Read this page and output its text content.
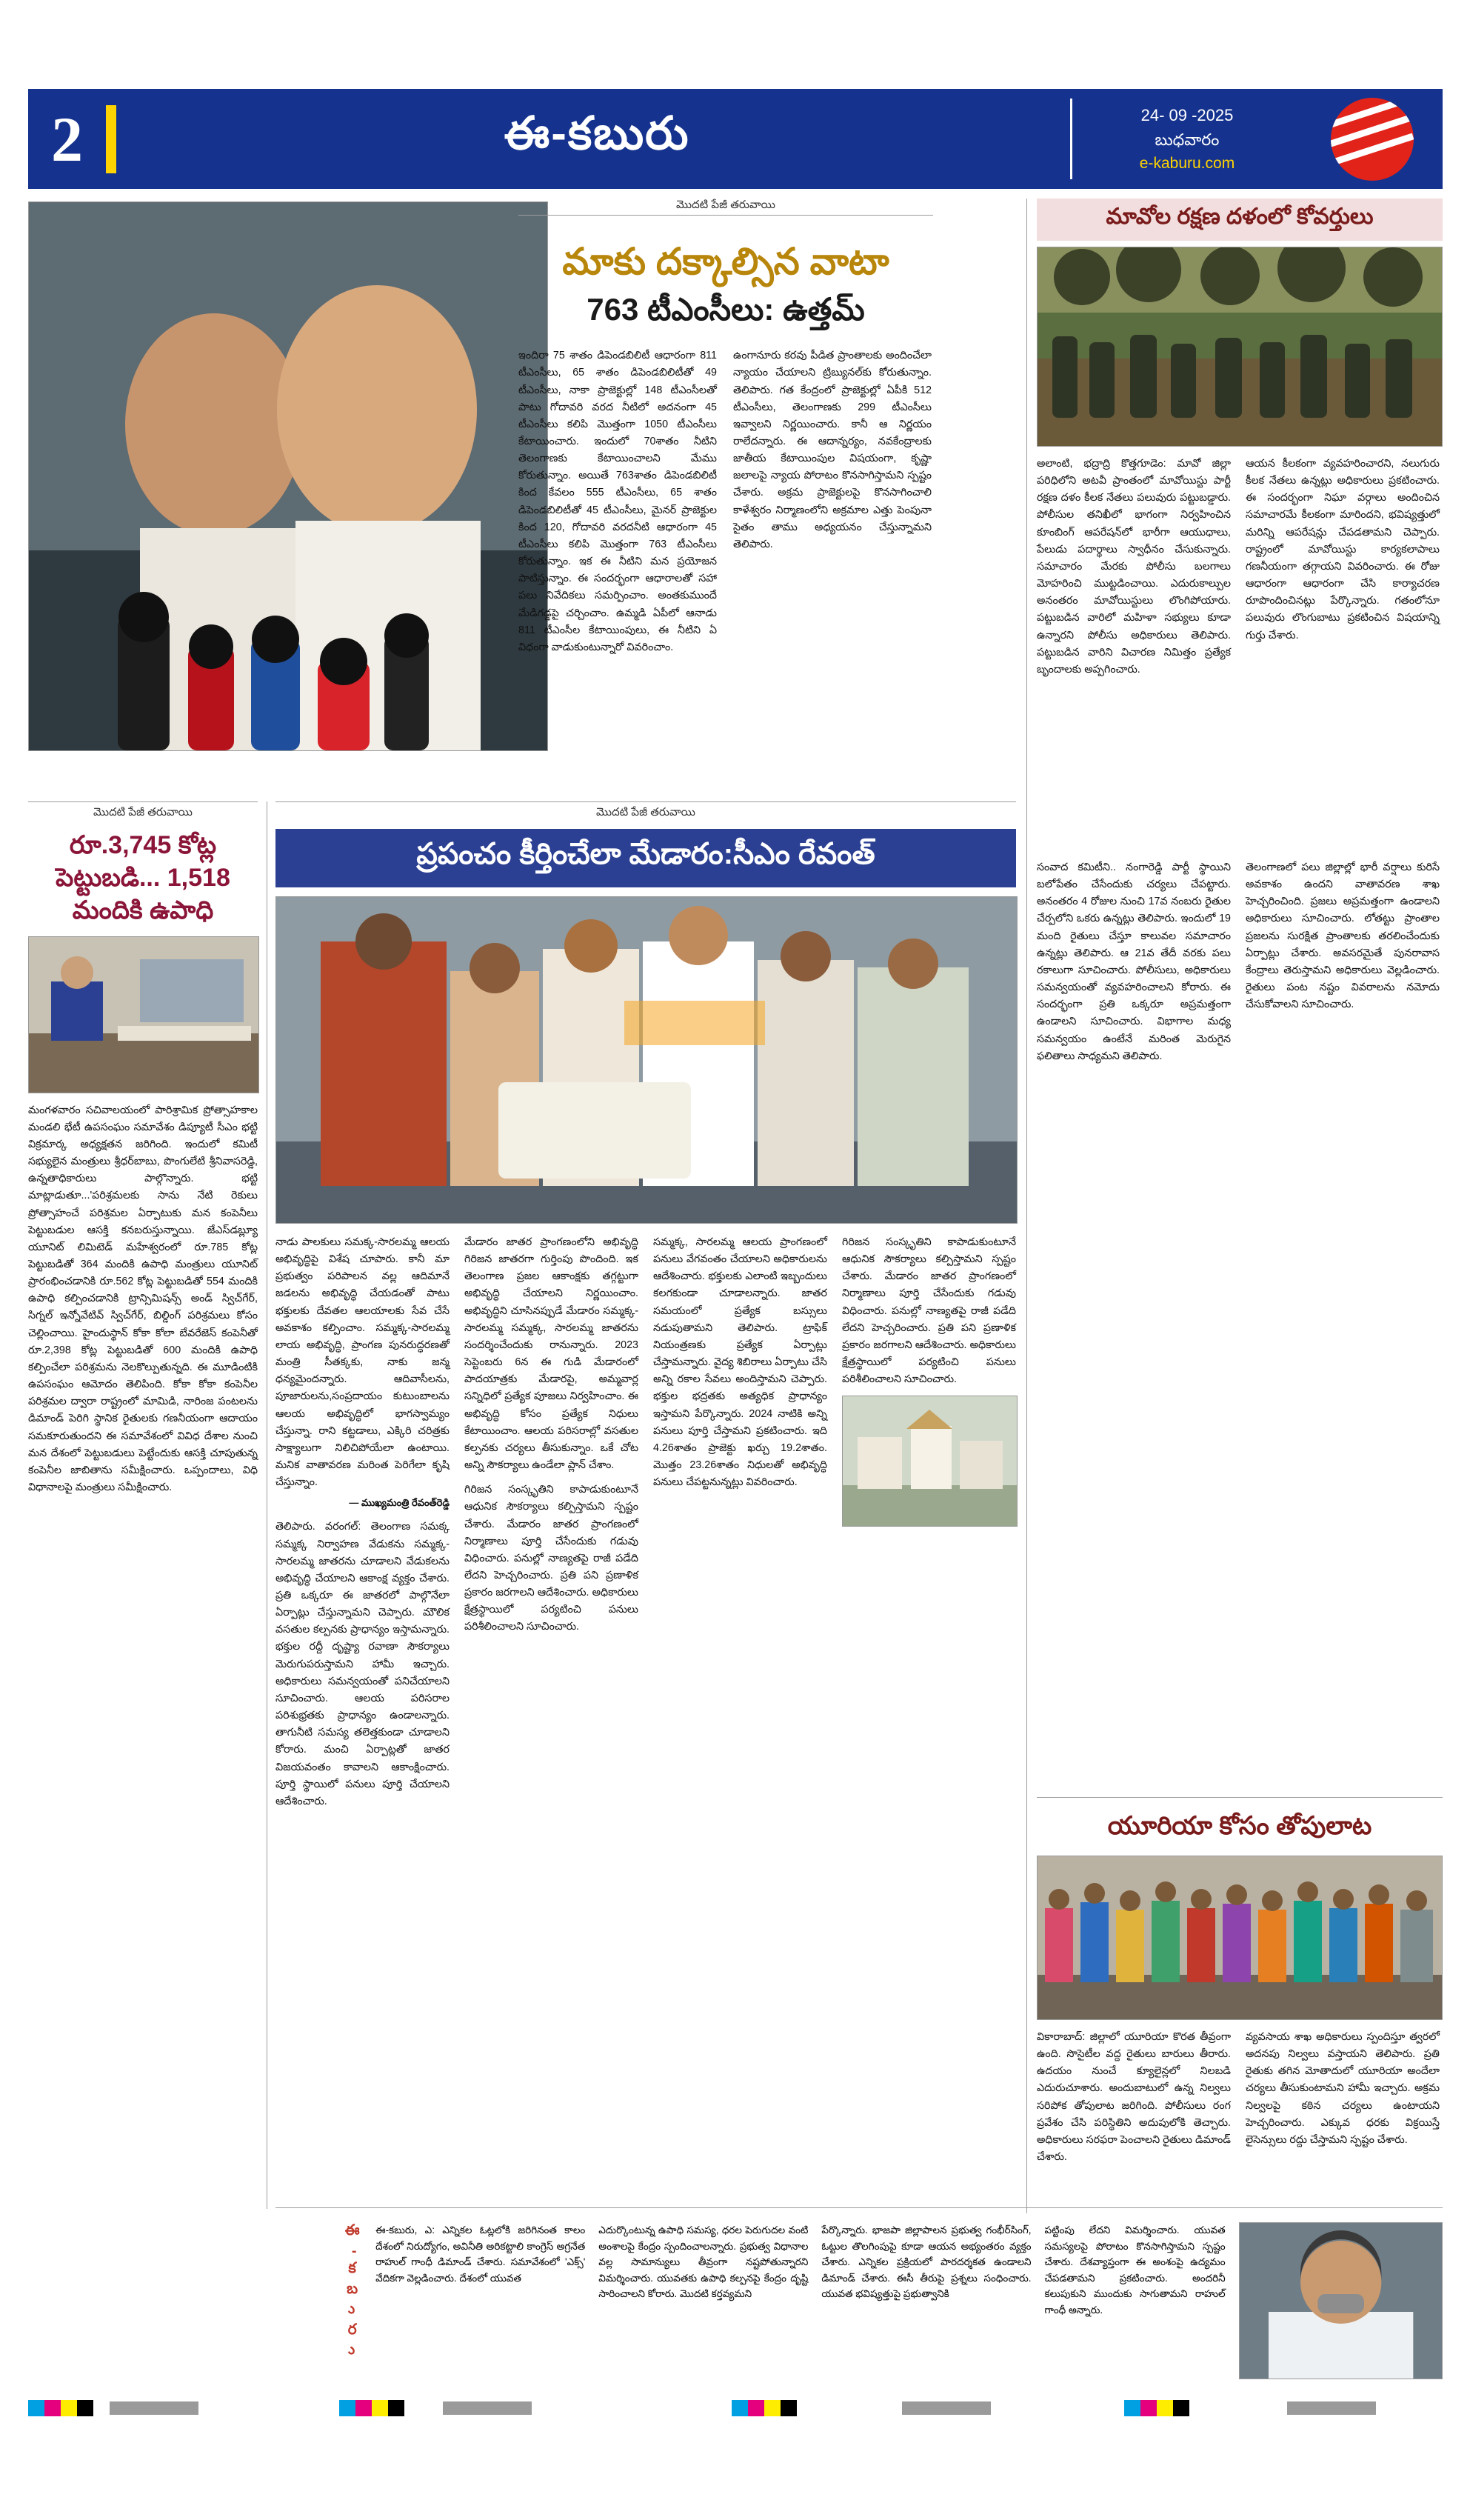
2	ఈ-కబురు	24- 09 -2025
బుధవారం
e-kaburu.com
మొదటి పేజీ తరువాయి
మాకు దక్కాల్సిన వాటా
763 టీఎంసీలు: ఉత్తమ్
ఇందిరా 75 శాతం డిపెండబిలిటీ ఆధారంగా 811 టీఎంసీలు, 65 శాతం డిపెండబిలిటీతో 49 టీఎంసీలు, నాకా ప్రాజెక్టుల్లో 148 టీఎంసీలతో పాటు గోదావరి వరద నీటిలో అదనంగా 45 టీఎంసీలు కలిపి మొత్తంగా 1050 టీఎంసీలు కేటాయించారు. ఇందులో 70శాతం నీటిని తెలంగాణకు కేటాయించాలని మేము కోరుతున్నాం. అయితే 763శాతం డిపెండబిలిటీ కింద కేవలం 555 టీఎంసీలు, 65 శాతం డిపెండబిలిటీతో 45 టీఎంసీలు, మైనర్ ప్రాజెక్టుల కింద 120, గోదావరి వరదనీటి ఆధారంగా 45 టీఎంసీలు కలిపి మొత్తంగా 763 టీఎంసీలు కోరుతున్నాం. ఇక ఈ నీటిని మన ప్రయోజన పాటిస్తున్నాం. ఈ సందర్భంగా ఆధారాలతో సహా పలు నివేదికలు సమర్పించాం. అంతకుముందే మేడిగడ్డపై చర్చించాం. ఉమ్మడి ఏపీలో ఆనాడు 811 టీఎంసీల కేటాయింపులు, ఈ నీటిని ఏ విధంగా వాడుకుంటున్నారో వివరించాం.
ఉంగానూరు కరవు పీడిత ప్రాంతాలకు అందించేలా న్యాయం చేయాలని ట్రిబ్యునల్‌కు కోరుతున్నాం. తెలిపారు. గత కేంద్రంలో ప్రాజెక్టుల్లో ఏపీకి 512 టీఎంసీలు, తెలంగాణకు 299 టీఎంసీలు ఇవ్వాలని నిర్ణయించారు. కానీ ఆ నిర్ణయం రాలేదన్నారు. ఈ ఆదాన్నర్యం, నవకేంద్రాలకు జాతీయ కేటాయింపుల విషయంగా, కృష్ణా జలాలపై న్యాయ పోరాటం కొనసాగిస్తామని స్పష్టం చేశారు. అక్రమ ప్రాజెక్టులపై కొనసాగించాలి కాళేశ్వరం నిర్మాణంలోని అక్రమాల ఎత్తు పెంపునా సైతం తాము అధ్యయనం చేస్తున్నామని తెలిపారు.
మావోల రక్షణ దళంలో కోవర్తులు
అలాంటి, భద్రాద్రి కొత్తగూడెం: మావో జిల్లా పరిధిలోని అటవీ ప్రాంతంలో మావోయిస్టు పార్టీ రక్షణ దళం కీలక నేతలు పలువురు పట్టుబడ్డారు. పోలీసుల తనిఖీలో భాగంగా నిర్వహించిన కూంబింగ్ ఆపరేషన్‌లో భారీగా ఆయుధాలు, పేలుడు పదార్థాలు స్వాధీనం చేసుకున్నారు. సమాచారం మేరకు పోలీసు బలగాలు మోహరించి ముట్టడించాయి. ఎదురుకాల్పుల అనంతరం మావోయిస్టులు లొంగిపోయారు. పట్టుబడిన వారిలో మహిళా సభ్యులు కూడా ఉన్నారని పోలీసు అధికారులు తెలిపారు. పట్టుబడిన వారిని విచారణ నిమిత్తం ప్రత్యేక బృందాలకు అప్పగించారు.
ఆయన కీలకంగా వ్యవహరించారని, నలుగురు కీలక నేతలు ఉన్నట్లు అధికారులు ప్రకటించారు. ఈ సందర్భంగా నిఘా వర్గాలు అందించిన సమాచారమే కీలకంగా మారిందని, భవిష్యత్తులో మరిన్ని ఆపరేషన్లు చేపడతామని చెప్పారు. రాష్ట్రంలో మావోయిస్టు కార్యకలాపాలు గణనీయంగా తగ్గాయని వివరించారు. ఈ రోజు ఆధారంగా ఆధారంగా చేసి కార్యాచరణ రూపొందించినట్లు పేర్కొన్నారు. గతంలోనూ పలువురు లొంగుబాటు ప్రకటించిన విషయాన్ని గుర్తు చేశారు.
సంవాద కమిటీని.. నంగారెడ్డి పార్టీ స్థాయిని బలోపేతం చేసేందుకు చర్యలు చేపట్టారు. అనంతరం 4 రోజుల నుంచి 17వ నంబరు రైతుల చేర్పలోని ఒకరు ఉన్నట్లు తెలిపారు. ఇందులో 19 మంది రైతులు చేస్తూ కాలువల సమాచారం ఉన్నట్లు తెలిపారు. ఆ 21వ తేదీ వరకు పలు రకాలుగా సూచించారు. పోలీసులు, అధికారులు సమన్వయంతో వ్యవహరించాలని కోరారు. ఈ సందర్భంగా ప్రతి ఒక్కరూ అప్రమత్తంగా ఉండాలని సూచించారు. విభాగాల మధ్య సమన్వయం ఉంటేనే మరింత మెరుగైన ఫలితాలు సాధ్యమని తెలిపారు.
తెలంగాణలో పలు జిల్లాల్లో భారీ వర్షాలు కురిసే అవకాశం ఉందని వాతావరణ శాఖ హెచ్చరించింది. ప్రజలు అప్రమత్తంగా ఉండాలని అధికారులు సూచించారు. లోతట్టు ప్రాంతాల ప్రజలను సురక్షిత ప్రాంతాలకు తరలించేందుకు ఏర్పాట్లు చేశారు. అవసరమైతే పునరావాస కేంద్రాలు తెరుస్తామని అధికారులు వెల్లడించారు. రైతులు పంట నష్టం వివరాలను నమోదు చేసుకోవాలని సూచించారు.
మొదటి పేజీ తరువాయి
రూ.3,745 కోట్ల పెట్టుబడి... 1,518 మందికి ఉపాధి
మంగళవారం సచివాలయంలో పారిశ్రామిక ప్రోత్సాహకాల మండలి భేటీ ఉపసంఘం సమావేశం డిప్యూటీ సీఎం భట్టి విక్రమార్క అధ్యక్షతన జరిగింది. ఇందులో కమిటీ సభ్యులైన మంత్రులు శ్రీధర్‌బాబు, పొంగులేటి శ్రీనివాసరెడ్డి, ఉన్నతాధికారులు పాల్గొన్నారు. భట్టి మాట్లాడుతూ...'పరిశ్రమలకు సాను నేటి రెకులు ప్రోత్సాహంచే పరిశ్రమల ఏర్పాటుకు మన కంపెనీలు పెట్టుబడుల ఆసక్తి కనబరుస్తున్నాయి. జేఎస్‌డబ్ల్యూ యూనిట్ లిమిటెడ్ మహేశ్వరంలో రూ.785 కోట్ల పెట్టుబడితో 364 మందికి ఉపాధి మంత్రులు యూనిట్ ప్రారంభించడానికి రూ.562 కోట్ల పెట్టుబడితో 554 మందికి ఉపాధి కల్పించడానికి ట్రాన్సిమిషన్స్ అండ్ స్విచ్‌గేర్‌, సిగ్నల్ ఇన్నోవేటివ్ స్విచ్‌గేర్‌, బిల్డింగ్ పరిశ్రమలు కోసం చెల్లించాయి. హైందుస్థాన్ కోకా కోలా బేవరేజెస్ కంపెనీతో రూ.2,398 కోట్ల పెట్టుబడితో 600 మందికి ఉపాధి కల్పించేలా పరిశ్రమను నెలకొల్పుతున్నది. ఈ మూడింటికి ఉపసంఘం ఆమోదం తెలిపింది. కోకా కోకా కంపెనీల పరిశ్రమల ద్వారా రాష్ట్రంలో మామిడి, నారింజ పంటలను డిమాండ్ పెరిగి స్థానిక రైతులకు గణనీయంగా ఆదాయం సమకూరుతుందని ఈ సమావేశంలో వివిధ దేశాల నుంచి మన దేశంలో పెట్టుబడులు పెట్టేందుకు ఆసక్తి చూపుతున్న కంపెనీల జాబితాను సమీక్షించారు. ఒప్పందాలు, విధి విధానాలపై మంత్రులు సమీక్షించారు.
మొదటి పేజీ తరువాయి
ప్రపంచం కీర్తించేలా మేడారం:సీఎం రేవంత్
నాడు పాలకులు సమక్క-సారలమ్మ ఆలయ అభివృద్ధిపై విశేష చూపారు. కానీ మా ప్రభుత్వం పరిపాలన వల్ల ఆదిమానే జడలను అభివృద్ధి చేయడంతో పాటు భక్తులకు దేవతల ఆలయాలకు సేవ చేసే అవకాశం కల్పించాం. సమ్మక్క-సారలమ్మ లాయ అభివృద్ధి, ప్రాంగణ పునరుద్ధరణతో మంత్రి సీతక్కకు, నాకు జన్మ ధన్యమైందన్నారు. ఆదివాసీలను, పూజారులను,సంప్రదాయం కుటుంబాలను ఆలయ అభివృద్ధిలో భాగస్వామ్యం చేస్తున్నా. రాని కట్టడాలు, ఎక్కిరి చరిత్రకు సాక్ష్యాలుగా నిలిచిపోయేలా ఉంటాయి. మనిక వాతావరణ మరింత పెరిగేలా కృషి చేస్తున్నాం.
— ముఖ్యమంత్రి రేవంత్‌రెడ్డి
తెలిపారు. వరంగల్: తెలంగాణ సమక్క సమ్మక్క నిర్వాహణ వేడుకను సమ్మక్క-సారలమ్మ జాతరను చూడాలని వేడుకలను అభివృద్ధి చేయాలని ఆకాంక్ష వ్యక్తం చేశారు. ప్రతి ఒక్కరూ ఈ జాతరలో పాల్గొనేలా ఏర్పాట్లు చేస్తున్నామని చెప్పారు. మౌలిక వసతుల కల్పనకు ప్రాధాన్యం ఇస్తామన్నారు. భక్తుల రద్దీ దృష్ట్యా రవాణా సౌకర్యాలు మెరుగుపరుస్తామని హామీ ఇచ్చారు. అధికారులు సమన్వయంతో పనిచేయాలని సూచించారు. ఆలయ పరిసరాల పరిశుభ్రతకు ప్రాధాన్యం ఉండాలన్నారు. తాగునీటి సమస్య తలెత్తకుండా చూడాలని కోరారు. మంచి ఏర్పాట్లతో జాతర విజయవంతం కావాలని ఆకాంక్షించారు. పూర్తి స్థాయిలో పనులు పూర్తి చేయాలని ఆదేశించారు.
మేడారం జాతర ప్రాంగణంలోని అభివృద్ధి గిరిజన జాతరగా గుర్తింపు పొందింది. ఇక తెలంగాణ ప్రజల ఆకాంక్షకు తగ్గట్టుగా అభివృద్ధి చేయాలని నిర్ణయించాం. అభివృద్ధిని చూసినప్పుడే మేడారం సమ్మక్క-సారలమ్మ సమ్మక్క, సారలమ్మ జాతరను సందర్శించేందుకు రానున్నారు. 2023 సెప్టెంబరు 6న ఈ గుడి మేడారంలో పాదయాత్రకు మేడారపై, అమ్మవార్ల సన్నిధిలో ప్రత్యేక పూజలు నిర్వహించాం. ఈ అభివృద్ధి కోసం ప్రత్యేక నిధులు కేటాయించాం. ఆలయ పరిసరాల్లో వసతుల కల్పనకు చర్యలు తీసుకున్నాం. ఒకే చోట అన్ని సౌకర్యాలు ఉండేలా ప్లాన్ చేశాం.
గిరిజన సంస్కృతిని కాపాడుకుంటూనే ఆధునిక సౌకర్యాలు కల్పిస్తామని స్పష్టం చేశారు. మేడారం జాతర ప్రాంగణంలో నిర్మాణాలు పూర్తి చేసేందుకు గడువు విధించారు. పనుల్లో నాణ్యతపై రాజీ పడేది లేదని హెచ్చరించారు. ప్రతి పని ప్రణాళిక ప్రకారం జరగాలని ఆదేశించారు. అధికారులు క్షేత్రస్థాయిలో పర్యటించి పనులు పరిశీలించాలని సూచించారు.
సమ్మక్క, సారలమ్మ ఆలయ ప్రాంగణంలో పనులు వేగవంతం చేయాలని అధికారులను ఆదేశించారు. భక్తులకు ఎలాంటి ఇబ్బందులు కలగకుండా చూడాలన్నారు. జాతర సమయంలో ప్రత్యేక బస్సులు నడుపుతామని తెలిపారు. ట్రాఫిక్ నియంత్రణకు ప్రత్యేక ఏర్పాట్లు చేస్తామన్నారు. వైద్య శిబిరాలు ఏర్పాటు చేసి అన్ని రకాల సేవలు అందిస్తామని చెప్పారు. భక్తుల భద్రతకు అత్యధిక ప్రాధాన్యం ఇస్తామని పేర్కొన్నారు. 2024 నాటికి అన్ని పనులు పూర్తి చేస్తామని ప్రకటించారు. ఇది 4.26శాతం ప్రాజెక్టు ఖర్చు 19.2శాతం. మొత్తం 23.26శాతం నిధులతో అభివృద్ధి పనులు చేపట్టనున్నట్లు వివరించారు.
గిరిజన సంస్కృతిని కాపాడుకుంటూనే ఆధునిక సౌకర్యాలు కల్పిస్తామని స్పష్టం చేశారు. మేడారం జాతర ప్రాంగణంలో నిర్మాణాలు పూర్తి చేసేందుకు గడువు విధించారు. పనుల్లో నాణ్యతపై రాజీ పడేది లేదని హెచ్చరించారు. ప్రతి పని ప్రణాళిక ప్రకారం జరగాలని ఆదేశించారు. అధికారులు క్షేత్రస్థాయిలో పర్యటించి పనులు పరిశీలించాలని సూచించారు.
యూరియా కోసం తోపులాట
వికారాబాద్: జిల్లాలో యూరియా కొరత తీవ్రంగా ఉంది. సొసైటీల వద్ద రైతులు బారులు తీరారు. ఉదయం నుంచే క్యూలైన్లలో నిలబడి ఎదురుచూశారు. అందుబాటులో ఉన్న నిల్వలు సరిపోక తోపులాట జరిగింది. పోలీసులు రంగ ప్రవేశం చేసి పరిస్థితిని అదుపులోకి తెచ్చారు. అధికారులు సరఫరా పెంచాలని రైతులు డిమాండ్ చేశారు.
వ్యవసాయ శాఖ అధికారులు స్పందిస్తూ త్వరలో అదనపు నిల్వలు వస్తాయని తెలిపారు. ప్రతి రైతుకు తగిన మోతాదులో యూరియా అందేలా చర్యలు తీసుకుంటామని హామీ ఇచ్చారు. అక్రమ నిల్వలపై కఠిన చర్యలు ఉంటాయని హెచ్చరించారు. ఎక్కువ ధరకు విక్రయిస్తే లైసెన్సులు రద్దు చేస్తామని స్పష్టం చేశారు.
ఈ-కబురు ఈ-కబురు, ఎ: ఎన్నికల ఓట్లలోకి జరిగినంత కాలం దేశంలో నిరుద్యోగం, అవినీతి అరికట్టాలి కాంగ్రెస్ అగ్రనేత రాహుల్ గాంధీ డిమాండ్ చేశారు. సమావేశంలో 'ఎక్స్' వేదికగా వెల్లడించారు. దేశంలో యువత
ఎదుర్కొంటున్న ఉపాధి సమస్య, ధరల పెరుగుదల వంటి అంశాలపై కేంద్రం స్పందించాలన్నారు. ప్రభుత్వ విధానాల వల్ల సామాన్యులు తీవ్రంగా నష్టపోతున్నారని విమర్శించారు. యువతకు ఉపాధి కల్పనపై కేంద్రం దృష్టి సారించాలని కోరారు. మొదటి కర్తవ్యమని
పేర్కొన్నారు. భాజపా జిల్లాపాలన ప్రభుత్వ గంభీర్‌సింగ్, ఓట్టుల తొలగింపుపై కూడా ఆయన అభ్యంతరం వ్యక్తం చేశారు. ఎన్నికల ప్రక్రియలో పారదర్శకత ఉండాలని డిమాండ్ చేశారు. ఈసీ తీరుపై ప్రశ్నలు సంధించారు. యువత భవిష్యత్తుపై ప్రభుత్వానికి
పట్టింపు లేదని విమర్శించారు. యువత సమస్యలపై పోరాటం కొనసాగిస్తామని స్పష్టం చేశారు. దేశవ్యాప్తంగా ఈ అంశంపై ఉద్యమం చేపడతామని ప్రకటించారు. అందరినీ కలుపుకుని ముందుకు సాగుతామని రాహుల్ గాంధీ అన్నారు.
